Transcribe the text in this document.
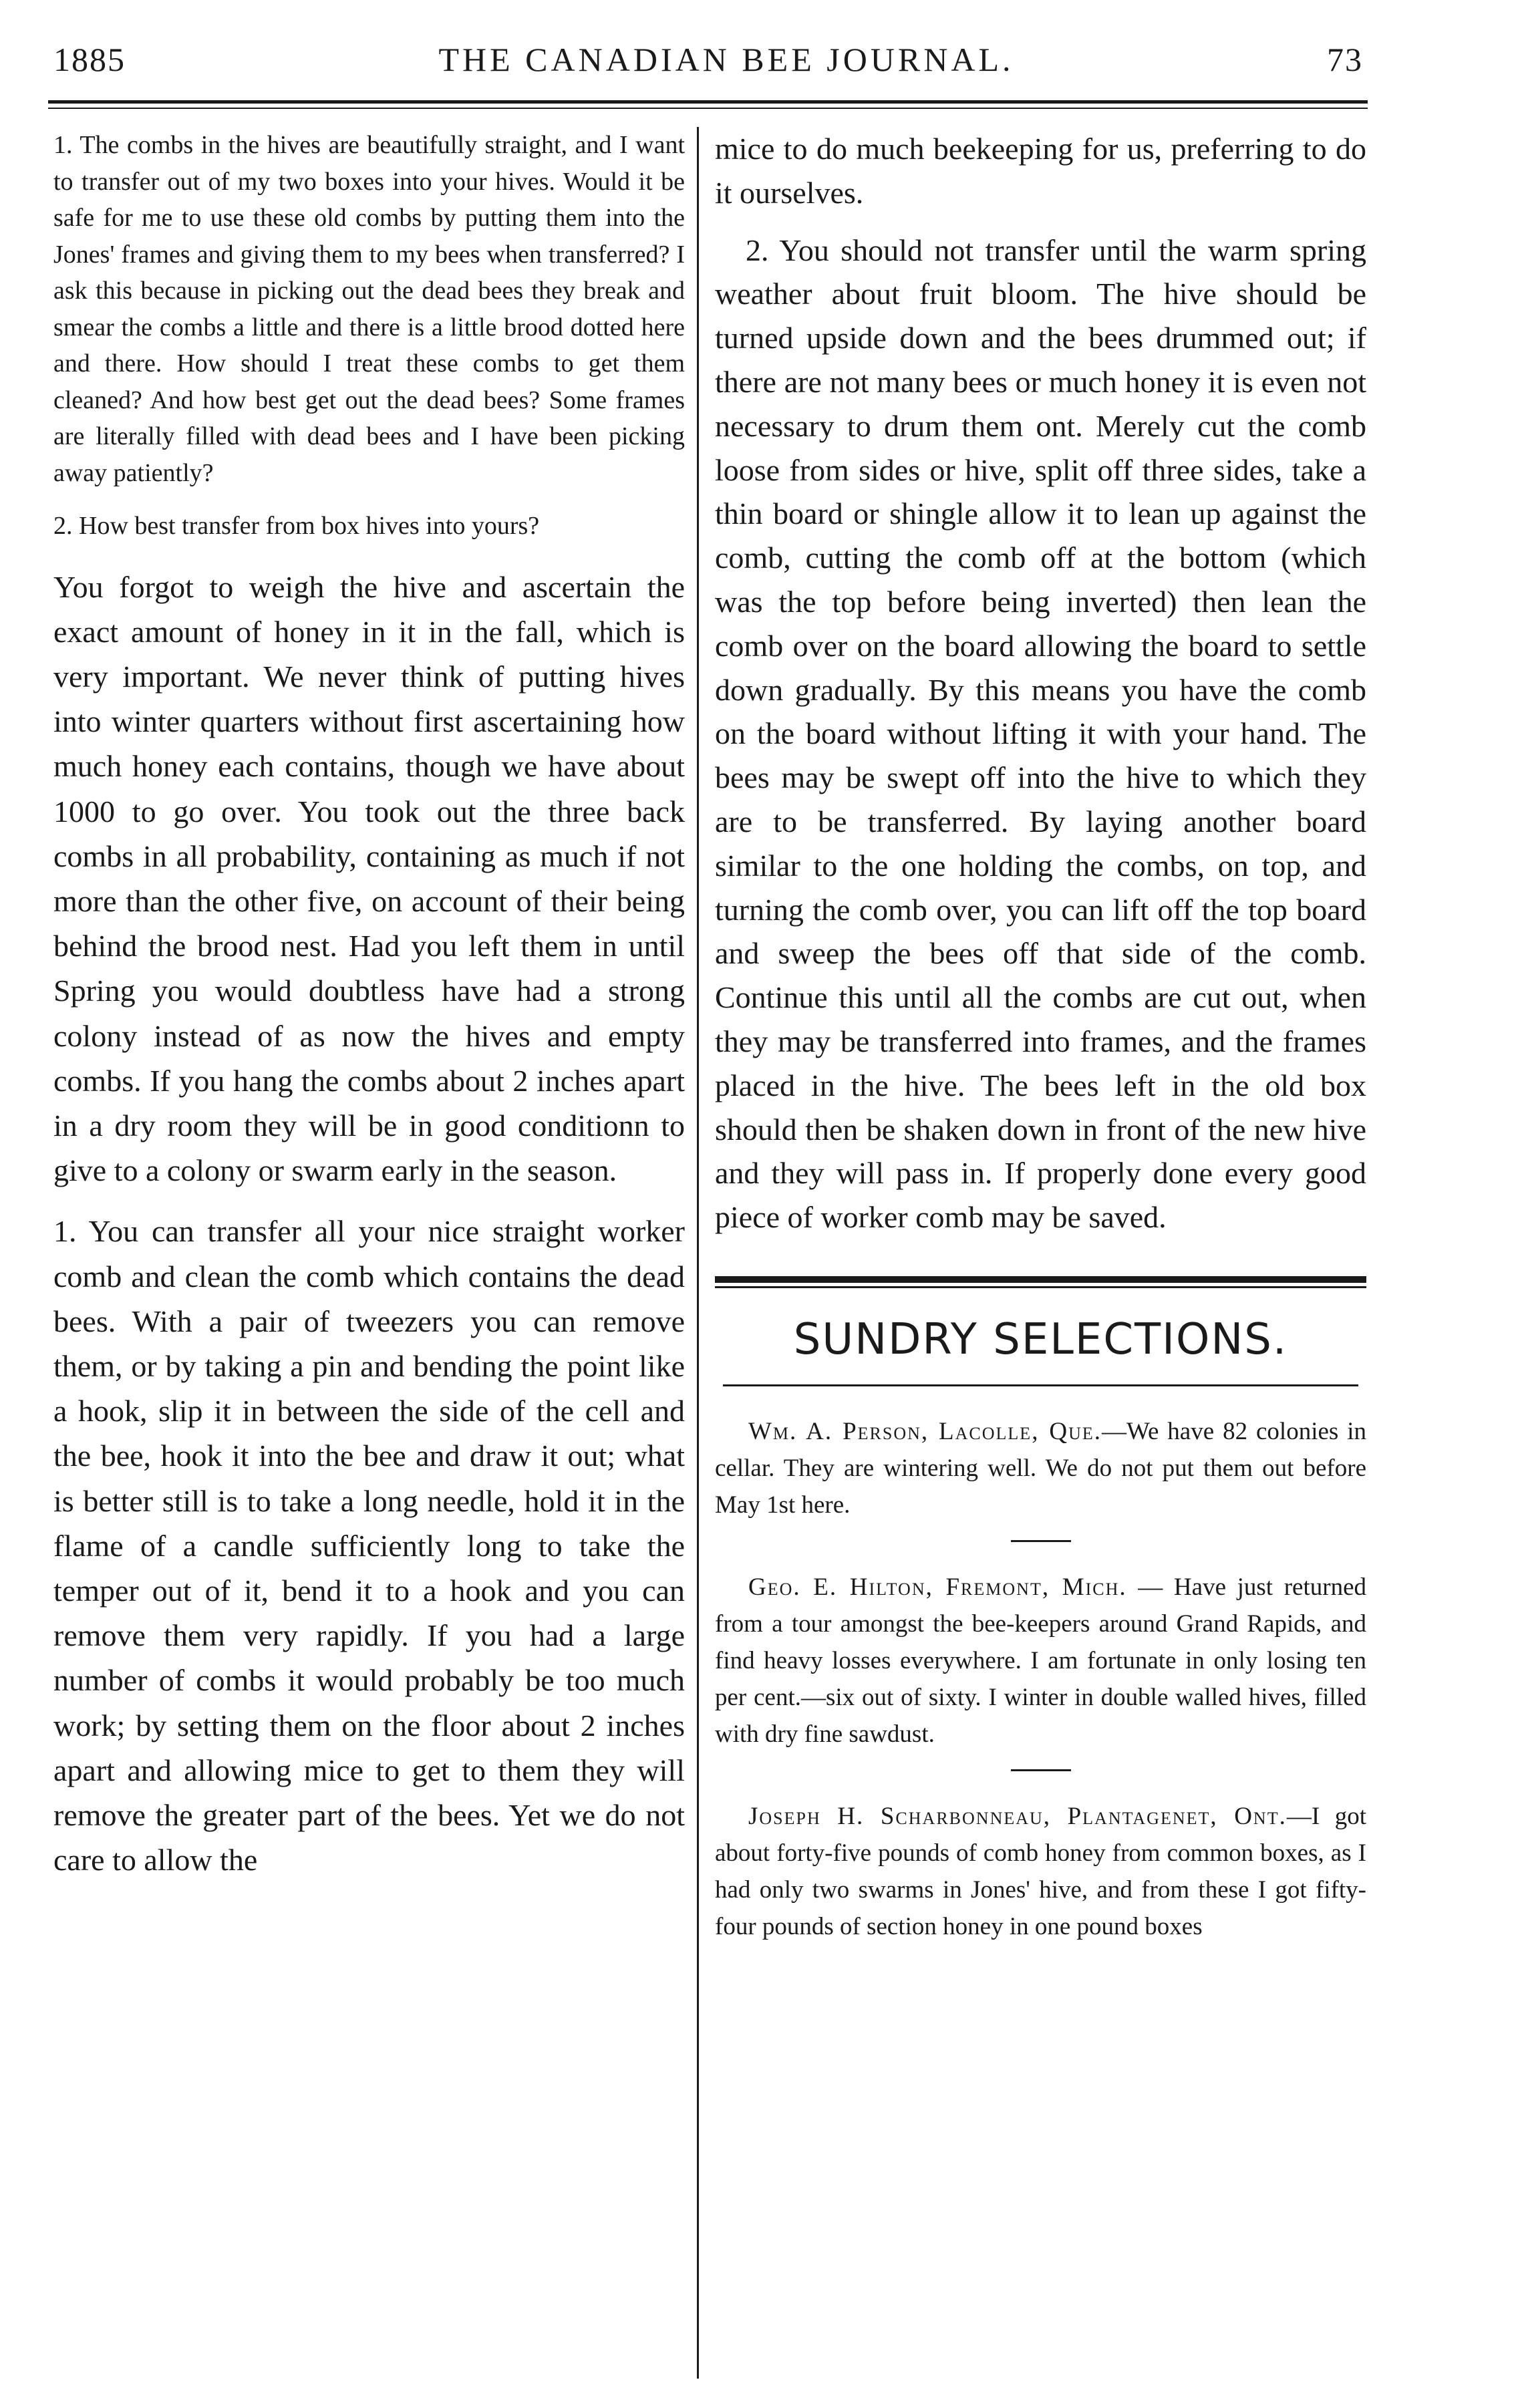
1885	THE CANADIAN BEE JOURNAL.	73

1. The combs in the hives are beautifully straight, and I want to transfer out of my two boxes into your hives. Would it be safe for me to use these old combs by putting them into the Jones' frames and giving them to my bees when transferred? I ask this because in picking out the dead bees they break and smear the combs a little and there is a little brood dotted here and there. How should I treat these combs to get them cleaned? And how best get out the dead bees? Some frames are literally filled with dead bees and I have been picking away patiently?

2. How best transfer from box hives into yours?

You forgot to weigh the hive and ascertain the exact amount of honey in it in the fall, which is very important. We never think of putting hives into winter quarters without first ascertaining how much honey each contains, though we have about 1000 to go over. You took out the three back combs in all probability, containing as much if not more than the other five, on account of their being behind the brood nest. Had you left them in until Spring you would doubtless have had a strong colony instead of as now the hives and empty combs. If you hang the combs about 2 inches apart in a dry room they will be in good conditionn to give to a colony or swarm early in the season.

1. You can transfer all your nice straight worker comb and clean the comb which contains the dead bees. With a pair of tweezers you can remove them, or by taking a pin and bending the point like a hook, slip it in between the side of the cell and the bee, hook it into the bee and draw it out; what is better still is to take a long needle, hold it in the flame of a candle sufficiently long to take the temper out of it, bend it to a hook and you can remove them very rapidly. If you had a large number of combs it would probably be too much work; by setting them on the floor about 2 inches apart and allowing mice to get to them they will remove the greater part of the bees. Yet we do not care to allow the

mice to do much beekeeping for us, preferring to do it ourselves.

2. You should not transfer until the warm spring weather about fruit bloom. The hive should be turned upside down and the bees drummed out; if there are not many bees or much honey it is even not necessary to drum them ont. Merely cut the comb loose from sides or hive, split off three sides, take a thin board or shingle allow it to lean up against the comb, cutting the comb off at the bottom (which was the top before being inverted) then lean the comb over on the board allowing the board to settle down gradually. By this means you have the comb on the board without lifting it with your hand. The bees may be swept off into the hive to which they are to be transferred. By laying another board similar to the one holding the combs, on top, and turning the comb over, you can lift off the top board and sweep the bees off that side of the comb. Continue this until all the combs are cut out, when they may be transferred into frames, and the frames placed in the hive. The bees left in the old box should then be shaken down in front of the new hive and they will pass in. If properly done every good piece of worker comb may be saved.

SUNDRY SELECTIONS.

Wm. A. Person, Lacolle, Que.—We have 82 colonies in cellar. They are wintering well. We do not put them out before May 1st here.

Geo. E. Hilton, Fremont, Mich. — Have just returned from a tour amongst the bee-keepers around Grand Rapids, and find heavy losses everywhere. I am fortunate in only losing ten per cent.—six out of sixty. I winter in double walled hives, filled with dry fine sawdust.

Joseph H. Scharbonneau, Plantagenet, Ont.—I got about forty-five pounds of comb honey from common boxes, as I had only two swarms in Jones' hive, and from these I got fifty-four pounds of section honey in one pound boxes
